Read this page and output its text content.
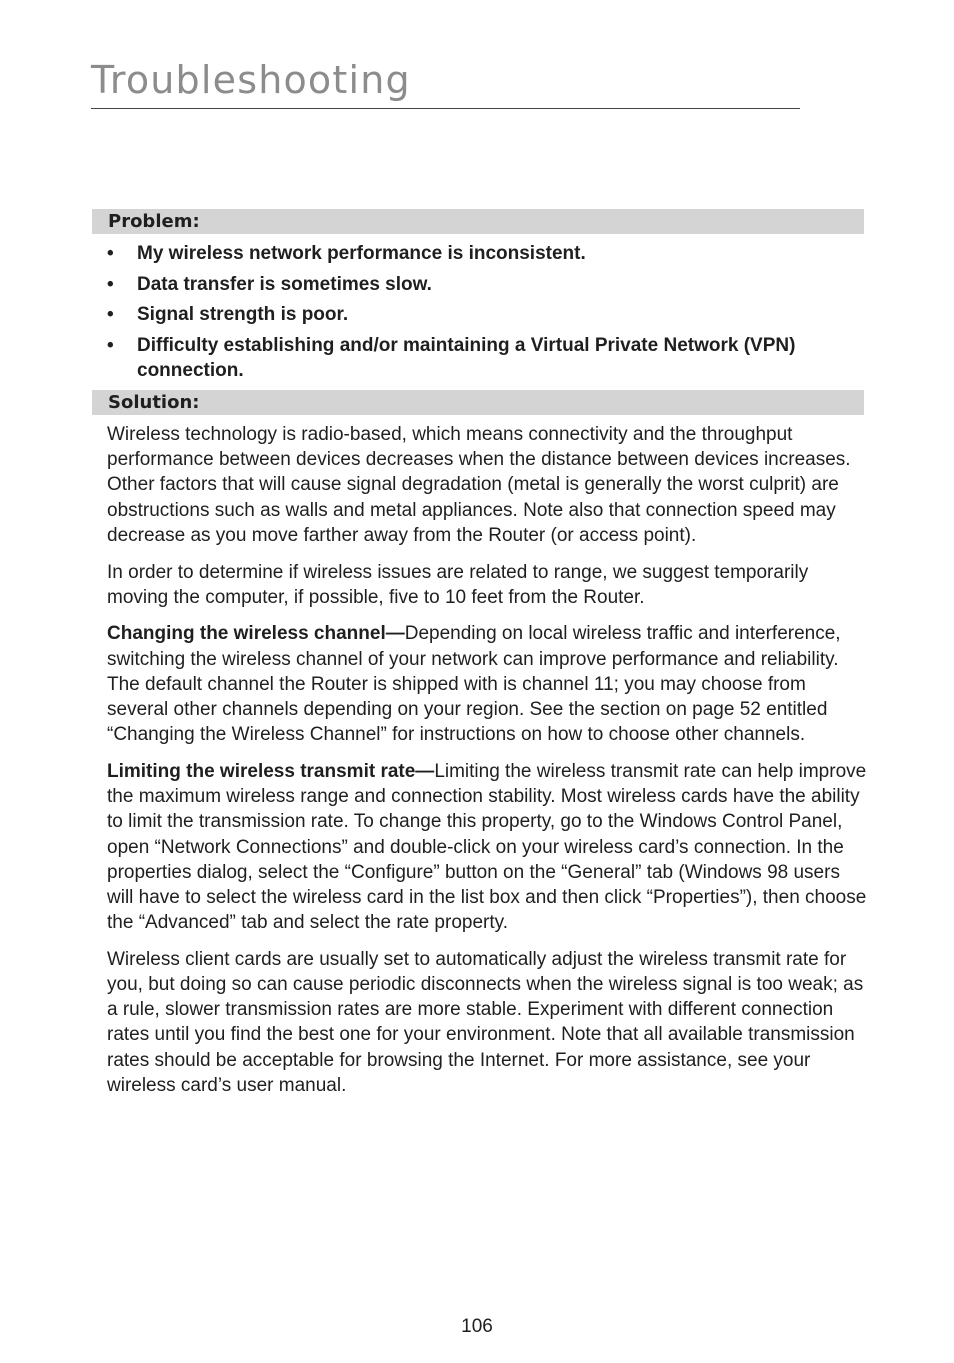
Troubleshooting
Problem:
• My wireless network performance is inconsistent.
• Data transfer is sometimes slow.
• Signal strength is poor.
• Difficulty establishing and/or maintaining a Virtual Private Network (VPN) connection.
Solution:

Wireless technology is radio-based, which means connectivity and the throughput performance between devices decreases when the distance between devices increases. Other factors that will cause signal degradation (metal is generally the worst culprit) are obstructions such as walls and metal appliances. Note also that connection speed may decrease as you move farther away from the Router (or access point).

In order to determine if wireless issues are related to range, we suggest temporarily moving the computer, if possible, five to 10 feet from the Router.

Changing the wireless channel—Depending on local wireless traffic and interference, switching the wireless channel of your network can improve performance and reliability. The default channel the Router is shipped with is channel 11; you may choose from several other channels depending on your region. See the section on page 52 entitled “Changing the Wireless Channel” for instructions on how to choose other channels.

Limiting the wireless transmit rate—Limiting the wireless transmit rate can help improve the maximum wireless range and connection stability. Most wireless cards have the ability to limit the transmission rate. To change this property, go to the Windows Control Panel, open “Network Connections” and double-click on your wireless card’s connection. In the properties dialog, select the “Configure” button on the “General” tab (Windows 98 users will have to select the wireless card in the list box and then click “Properties”), then choose the “Advanced” tab and select the rate property.

Wireless client cards are usually set to automatically adjust the wireless transmit rate for you, but doing so can cause periodic disconnects when the wireless signal is too weak; as a rule, slower transmission rates are more stable. Experiment with different connection rates until you find the best one for your environment. Note that all available transmission rates should be acceptable for browsing the Internet. For more assistance, see your wireless card’s user manual.

106
